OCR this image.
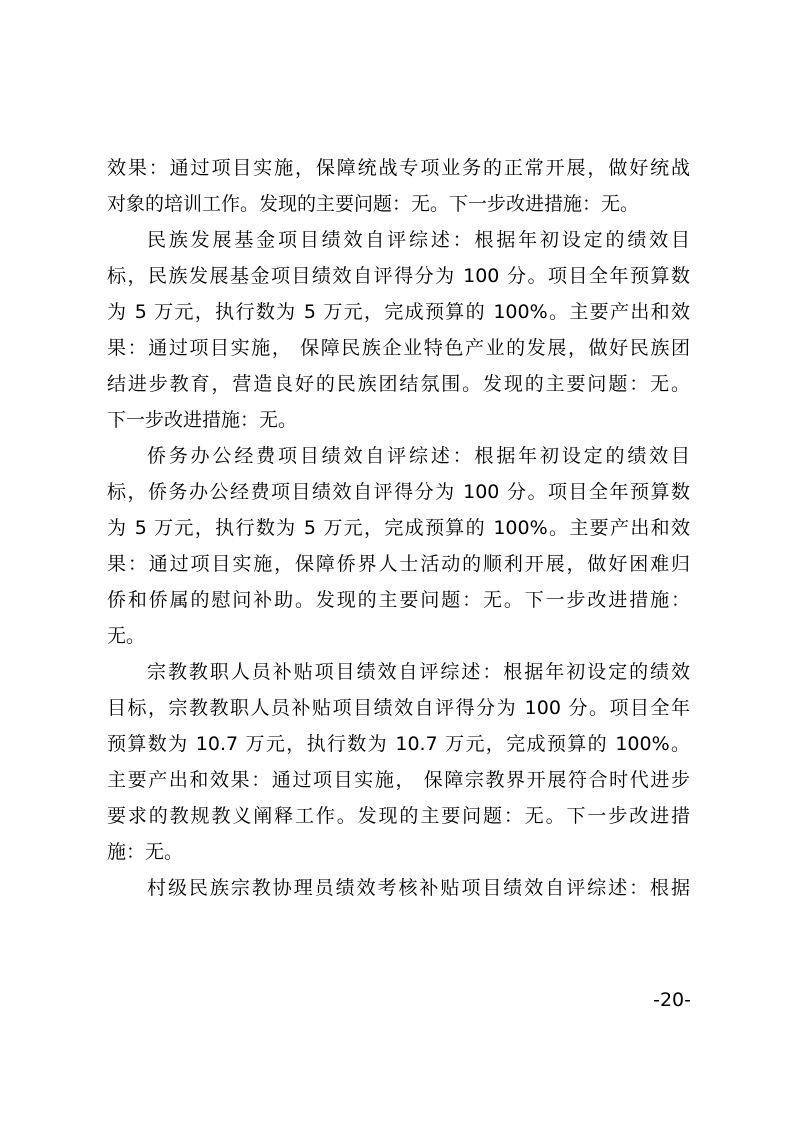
效果：通过项目实施，保障统战专项业务的正常开展，做好统战
对象的培训工作。发现的主要问题：无。下一步改进措施：无。
民族发展基金项目绩效自评综述：根据年初设定的绩效目
标，民族发展基金项目绩效自评得分为 100 分。项目全年预算数
为 5 万元，执行数为 5 万元，完成预算的 100%。主要产出和效
果：通过项目实施， 保障民族企业特色产业的发展，做好民族团
结进步教育，营造良好的民族团结氛围。发现的主要问题：无。
下一步改进措施：无。
侨务办公经费项目绩效自评综述：根据年初设定的绩效目
标，侨务办公经费项目绩效自评得分为 100 分。项目全年预算数
为 5 万元，执行数为 5 万元，完成预算的 100%。主要产出和效
果：通过项目实施，保障侨界人士活动的顺利开展，做好困难归
侨和侨属的慰问补助。发现的主要问题：无。下一步改进措施：
无。
宗教教职人员补贴项目绩效自评综述：根据年初设定的绩效
目标，宗教教职人员补贴项目绩效自评得分为 100 分。项目全年
预算数为 10.7 万元，执行数为 10.7 万元，完成预算的 100%。
主要产出和效果：通过项目实施， 保障宗教界开展符合时代进步
要求的教规教义阐释工作。发现的主要问题：无。下一步改进措
施：无。
村级民族宗教协理员绩效考核补贴项目绩效自评综述：根据
-20-
